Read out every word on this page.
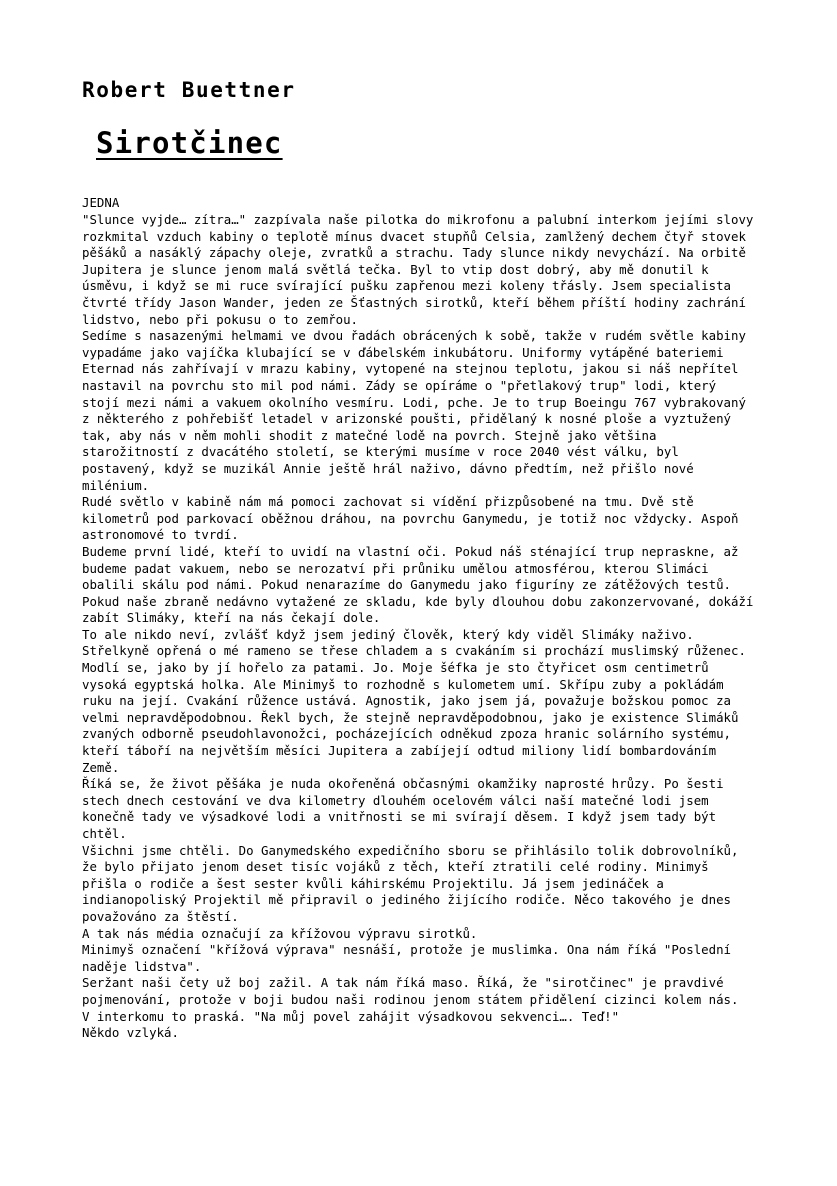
Robert Buettner
Sirotčinec
JEDNA

"Slunce vyjde… zítra…" zazpívala naše pilotka do mikrofonu a palubní interkom jejími slovy rozkmital vzduch kabiny o teplotě mínus dvacet stupňů Celsia, zamlžený dechem čtyř stovek pěšáků a nasáklý zápachy oleje, zvratků a strachu. Tady slunce nikdy nevychází. Na orbitě Jupitera je slunce jenom malá světlá tečka. Byl to vtip dost dobrý, aby mě donutil k úsměvu, i když se mi ruce svírající pušku zapřenou mezi koleny třásly. Jsem specialista čtvrté třídy Jason Wander, jeden ze Šťastných sirotků, kteří během příští hodiny zachrání lidstvo, nebo při pokusu o to zemřou.

Sedíme s nasazenými helmami ve dvou řadách obrácených k sobě, takže v rudém světle kabiny vypadáme jako vajíčka klubající se v ďábelském inkubátoru. Uniformy vytápěné bateriemi Eternad nás zahřívají v mrazu kabiny, vytopené na stejnou teplotu, jakou si náš nepřítel nastavil na povrchu sto mil pod námi. Zády se opíráme o "přetlakový trup" lodi, který stojí mezi námi a vakuem okolního vesmíru. Lodi, pche. Je to trup Boeingu 767 vybrakovaný z některého z pohřebišť letadel v arizonské poušti, přidělaný k nosné ploše a vyztužený tak, aby nás v něm mohli shodit z matečné lodě na povrch. Stejně jako většina starožitností z dvacátého století, se kterými musíme v roce 2040 vést válku, byl postavený, když se muzikál Annie ještě hrál naživo, dávno předtím, než přišlo nové milénium.

Rudé světlo v kabině nám má pomoci zachovat si vídění přizpůsobené na tmu. Dvě stě kilometrů pod parkovací oběžnou dráhou, na povrchu Ganymedu, je totiž noc vždycky. Aspoň astronomové to tvrdí.

Budeme první lidé, kteří to uvidí na vlastní oči. Pokud náš sténající trup nepraskne, až budeme padat vakuem, nebo se nerozatví při průniku umělou atmosférou, kterou Slimáci obalili skálu pod námi. Pokud nenarazíme do Ganymedu jako figuríny ze zátěžových testů. Pokud naše zbraně nedávno vytažené ze skladu, kde byly dlouhou dobu zakonzervované, dokáží zabít Slimáky, kteří na nás čekají dole.

To ale nikdo neví, zvlášť když jsem jediný člověk, který kdy viděl Slimáky naživo.

Střelkyně opřená o mé rameno se třese chladem a s cvakáním si prochází muslimský růženec. Modlí se, jako by jí hořelo za patami. Jo. Moje šéfka je sto čtyřicet osm centimetrů vysoká egyptská holka. Ale Minimyš to rozhodně s kulometem umí. Skřípu zuby a pokládám ruku na její. Cvakání růžence ustává. Agnostik, jako jsem já, považuje božskou pomoc za velmi nepravděpodobnou. Řekl bych, že stejně nepravděpodobnou, jako je existence Slimáků zvaných odborně pseudohlavonožci, pocházejících odněkud zpoza hranic solárního systému, kteří táboří na největším měsíci Jupitera a zabíjejí odtud miliony lidí bombardováním Země.

Říká se, že život pěšáka je nuda okořeněná občasnými okamžiky naprosté hrůzy. Po šesti stech dnech cestování ve dva kilometry dlouhém ocelovém válci naší matečné lodi jsem konečně tady ve výsadkové lodi a vnitřnosti se mi svírají děsem. I když jsem tady být chtěl.

Všichni jsme chtěli. Do Ganymedského expedičního sboru se přihlásilo tolik dobrovolníků, že bylo přijato jenom deset tisíc vojáků z těch, kteří ztratili celé rodiny. Minimyš přišla o rodiče a šest sester kvůli káhirskému Projektilu. Já jsem jedináček a indianopoliský Projektil mě připravil o jediného žijícího rodiče. Něco takového je dnes považováno za štěstí.

A tak nás média označují za křížovou výpravu sirotků.

Minimyš označení "křížová výprava" nesnáší, protože je muslimka. Ona nám říká "Poslední naděje lidstva".

Seržant naši čety už boj zažil. A tak nám říká maso. Říká, že "sirotčinec" je pravdivé pojmenování, protože v boji budou naši rodinou jenom státem přidělení cizinci kolem nás.

V interkomu to praská. "Na můj povel zahájit výsadkovou sekvenci…. Teď!"

Někdo vzlyká.
